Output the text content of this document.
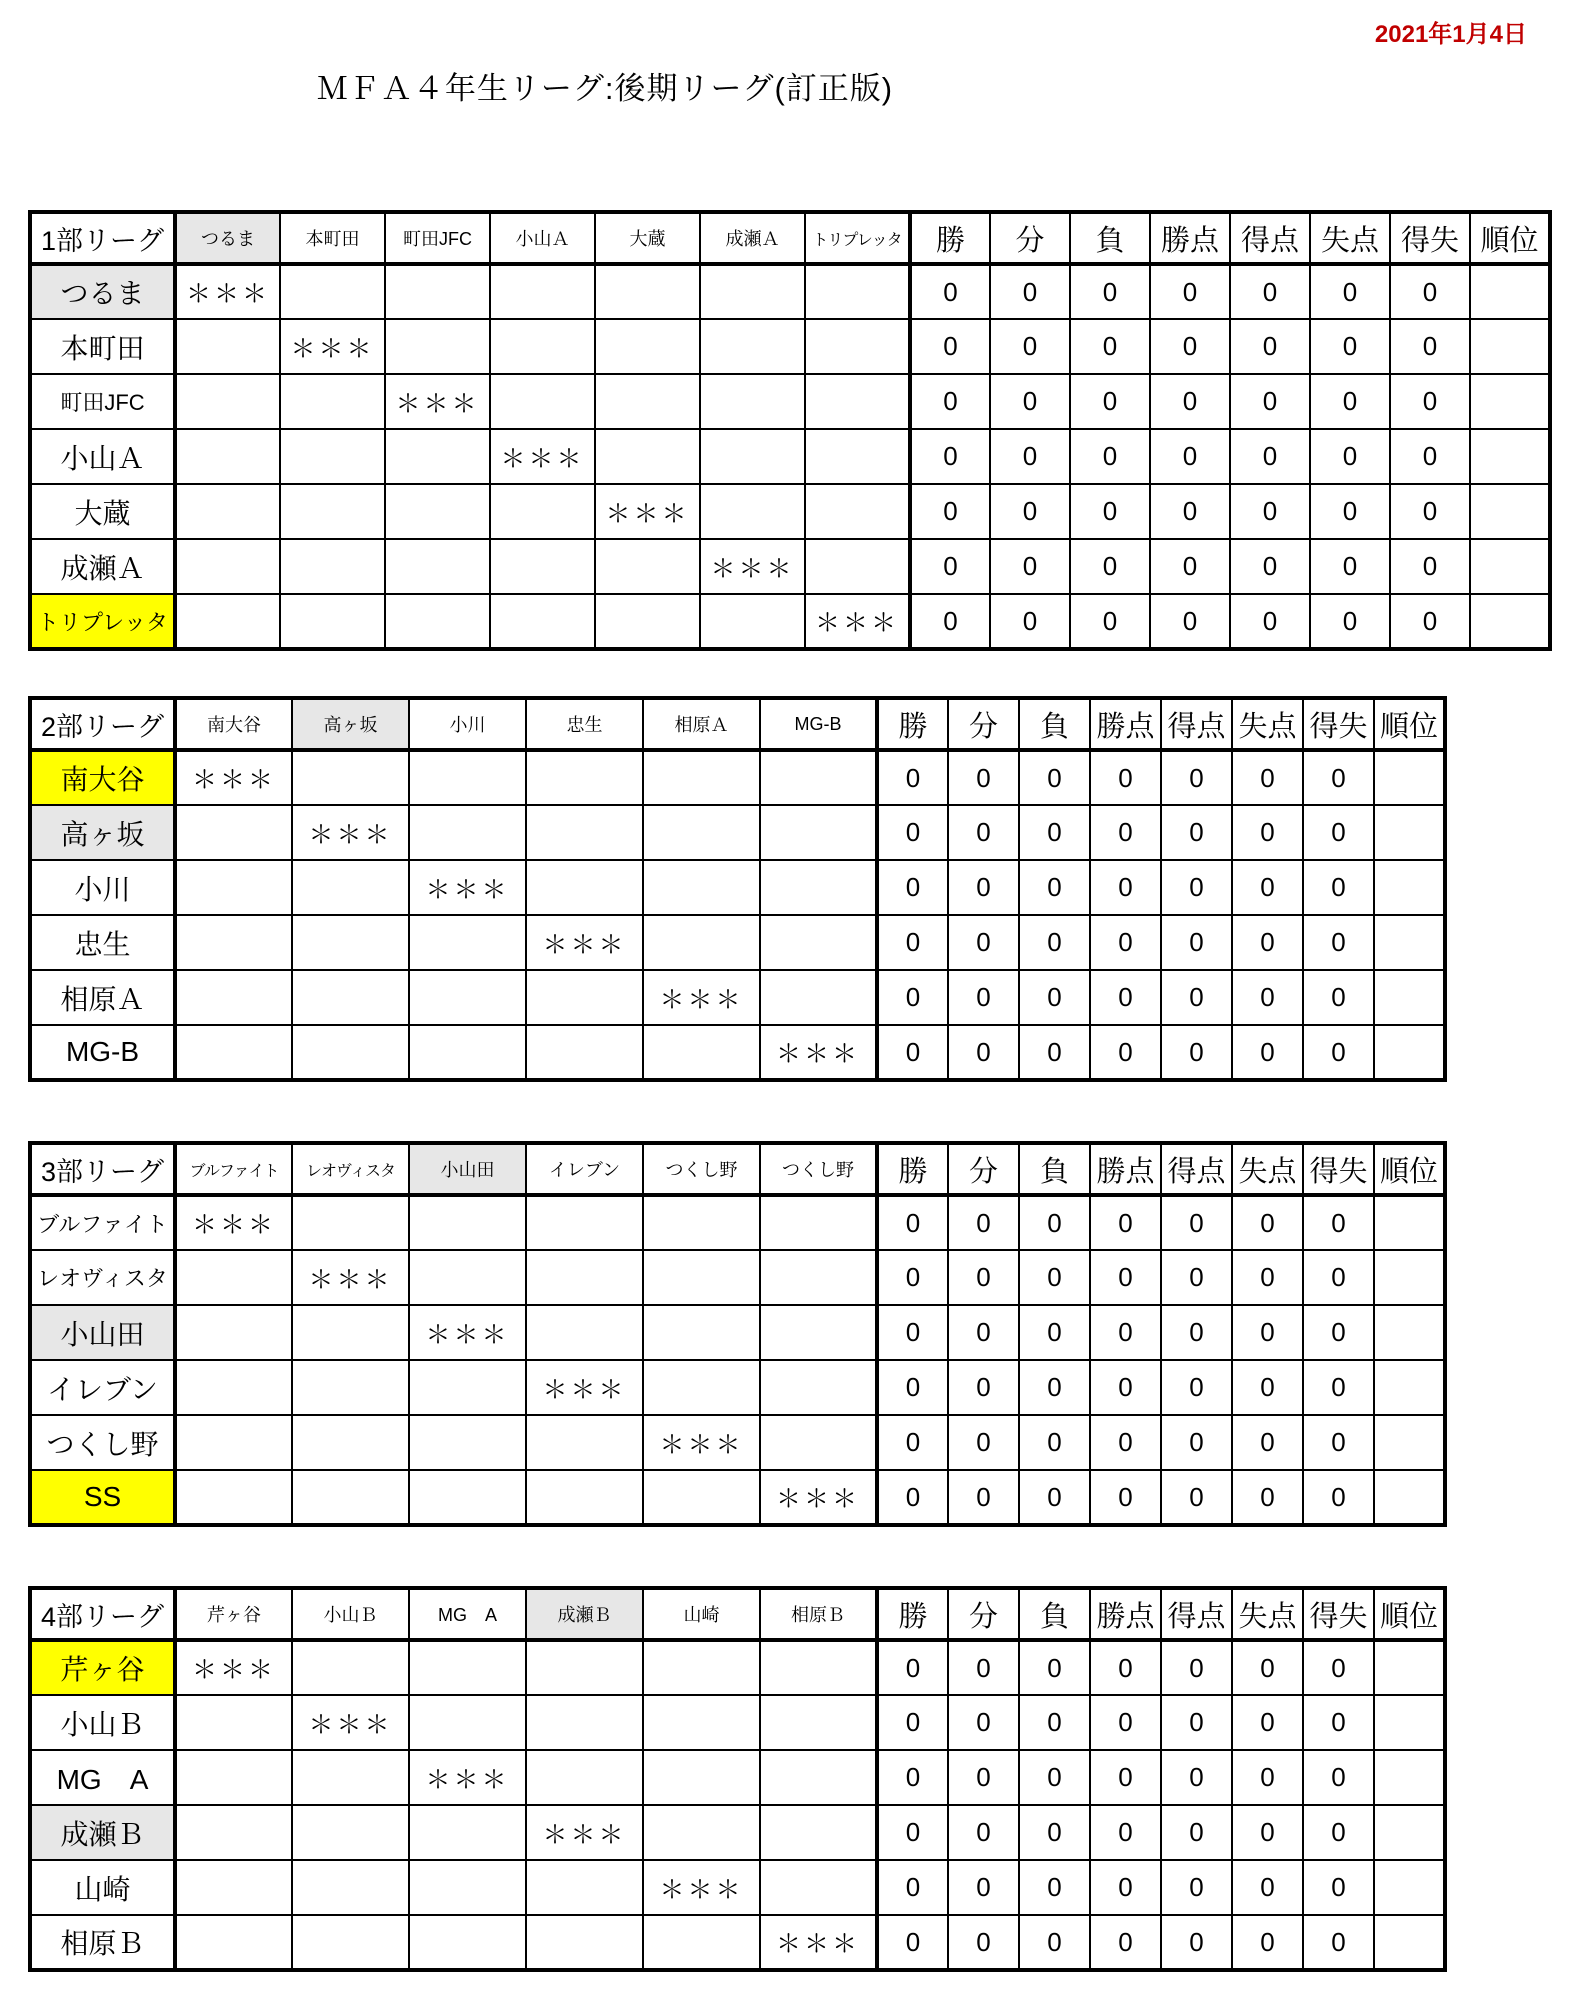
2021年1月4日
ＭＦＡ４年生リーグ:後期リーグ(訂正版)
1部リーグ	つるま	本町田	町田JFC	小山Ａ	大蔵	成瀬Ａ	トリプレッタ	勝	分	負	勝点	得点	失点	得失	順位
つるま	＊＊＊							0	0	0	0	0	0	0	
本町田		＊＊＊						0	0	0	0	0	0	0	
町田JFC			＊＊＊					0	0	0	0	0	0	0	
小山Ａ				＊＊＊				0	0	0	0	0	0	0	
大蔵					＊＊＊			0	0	0	0	0	0	0	
成瀬Ａ						＊＊＊		0	0	0	0	0	0	0	
トリプレッタ							＊＊＊	0	0	0	0	0	0	0	
2部リーグ	南大谷	高ヶ坂	小川	忠生	相原Ａ	MG-B	勝	分	負	勝点	得点	失点	得失	順位
南大谷	＊＊＊						0	0	0	0	0	0	0	
高ヶ坂		＊＊＊					0	0	0	0	0	0	0	
小川			＊＊＊				0	0	0	0	0	0	0	
忠生				＊＊＊			0	0	0	0	0	0	0	
相原Ａ					＊＊＊		0	0	0	0	0	0	0	
MG-B						＊＊＊	0	0	0	0	0	0	0	
3部リーグ	ブルファイト	レオヴィスタ	小山田	イレブン	つくし野	つくし野	勝	分	負	勝点	得点	失点	得失	順位
ブルファイト	＊＊＊						0	0	0	0	0	0	0	
レオヴィスタ		＊＊＊					0	0	0	0	0	0	0	
小山田			＊＊＊				0	0	0	0	0	0	0	
イレブン				＊＊＊			0	0	0	0	0	0	0	
つくし野					＊＊＊		0	0	0	0	0	0	0	
SS						＊＊＊	0	0	0	0	0	0	0	
4部リーグ	芹ヶ谷	小山Ｂ	MG　A	成瀬Ｂ	山崎	相原Ｂ	勝	分	負	勝点	得点	失点	得失	順位
芹ヶ谷	＊＊＊						0	0	0	0	0	0	0	
小山Ｂ		＊＊＊					0	0	0	0	0	0	0	
MG　A			＊＊＊				0	0	0	0	0	0	0	
成瀬Ｂ				＊＊＊			0	0	0	0	0	0	0	
山崎					＊＊＊		0	0	0	0	0	0	0	
相原Ｂ						＊＊＊	0	0	0	0	0	0	0	
